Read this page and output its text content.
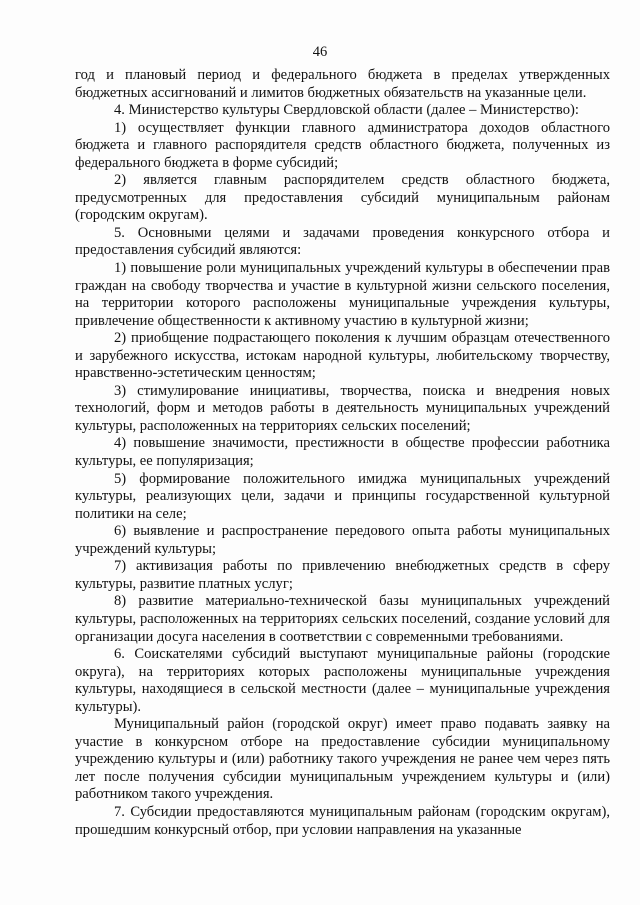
46

год и плановый период и федерального бюджета в пределах утвержденных бюджетных ассигнований и лимитов бюджетных обязательств на указанные цели.

4. Министерство культуры Свердловской области (далее – Министерство):

1) осуществляет функции главного администратора доходов областного бюджета и главного распорядителя средств областного бюджета, полученных из федерального бюджета в форме субсидий;

2) является главным распорядителем средств областного бюджета, предусмотренных для предоставления субсидий муниципальным районам (городским округам).

5. Основными целями и задачами проведения конкурсного отбора и предоставления субсидий являются:

1) повышение роли муниципальных учреждений культуры в обеспечении прав граждан на свободу творчества и участие в культурной жизни сельского поселения, на территории которого расположены муниципальные учреждения культуры, привлечение общественности к активному участию в культурной жизни;

2) приобщение подрастающего поколения к лучшим образцам отечественного и зарубежного искусства, истокам народной культуры, любительскому творчеству, нравственно-эстетическим ценностям;

3) стимулирование инициативы, творчества, поиска и внедрения новых технологий, форм и методов работы в деятельность муниципальных учреждений культуры, расположенных на территориях сельских поселений;

4) повышение значимости, престижности в обществе профессии работника культуры, ее популяризация;

5) формирование положительного имиджа муниципальных учреждений культуры, реализующих цели, задачи и принципы государственной культурной политики на селе;

6) выявление и распространение передового опыта работы муниципальных учреждений культуры;

7) активизация работы по привлечению внебюджетных средств в сферу культуры, развитие платных услуг;

8) развитие материально-технической базы муниципальных учреждений культуры, расположенных на территориях сельских поселений, создание условий для организации досуга населения в соответствии с современными требованиями.

6. Соискателями субсидий выступают муниципальные районы (городские округа), на территориях которых расположены муниципальные учреждения культуры, находящиеся в сельской местности (далее – муниципальные учреждения культуры).

Муниципальный район (городской округ) имеет право подавать заявку на участие в конкурсном отборе на предоставление субсидии муниципальному учреждению культуры и (или) работнику такого учреждения не ранее чем через пять лет после получения субсидии муниципальным учреждением культуры и (или) работником такого учреждения.

7. Субсидии предоставляются муниципальным районам (городским округам), прошедшим конкурсный отбор, при условии направления на указанные
